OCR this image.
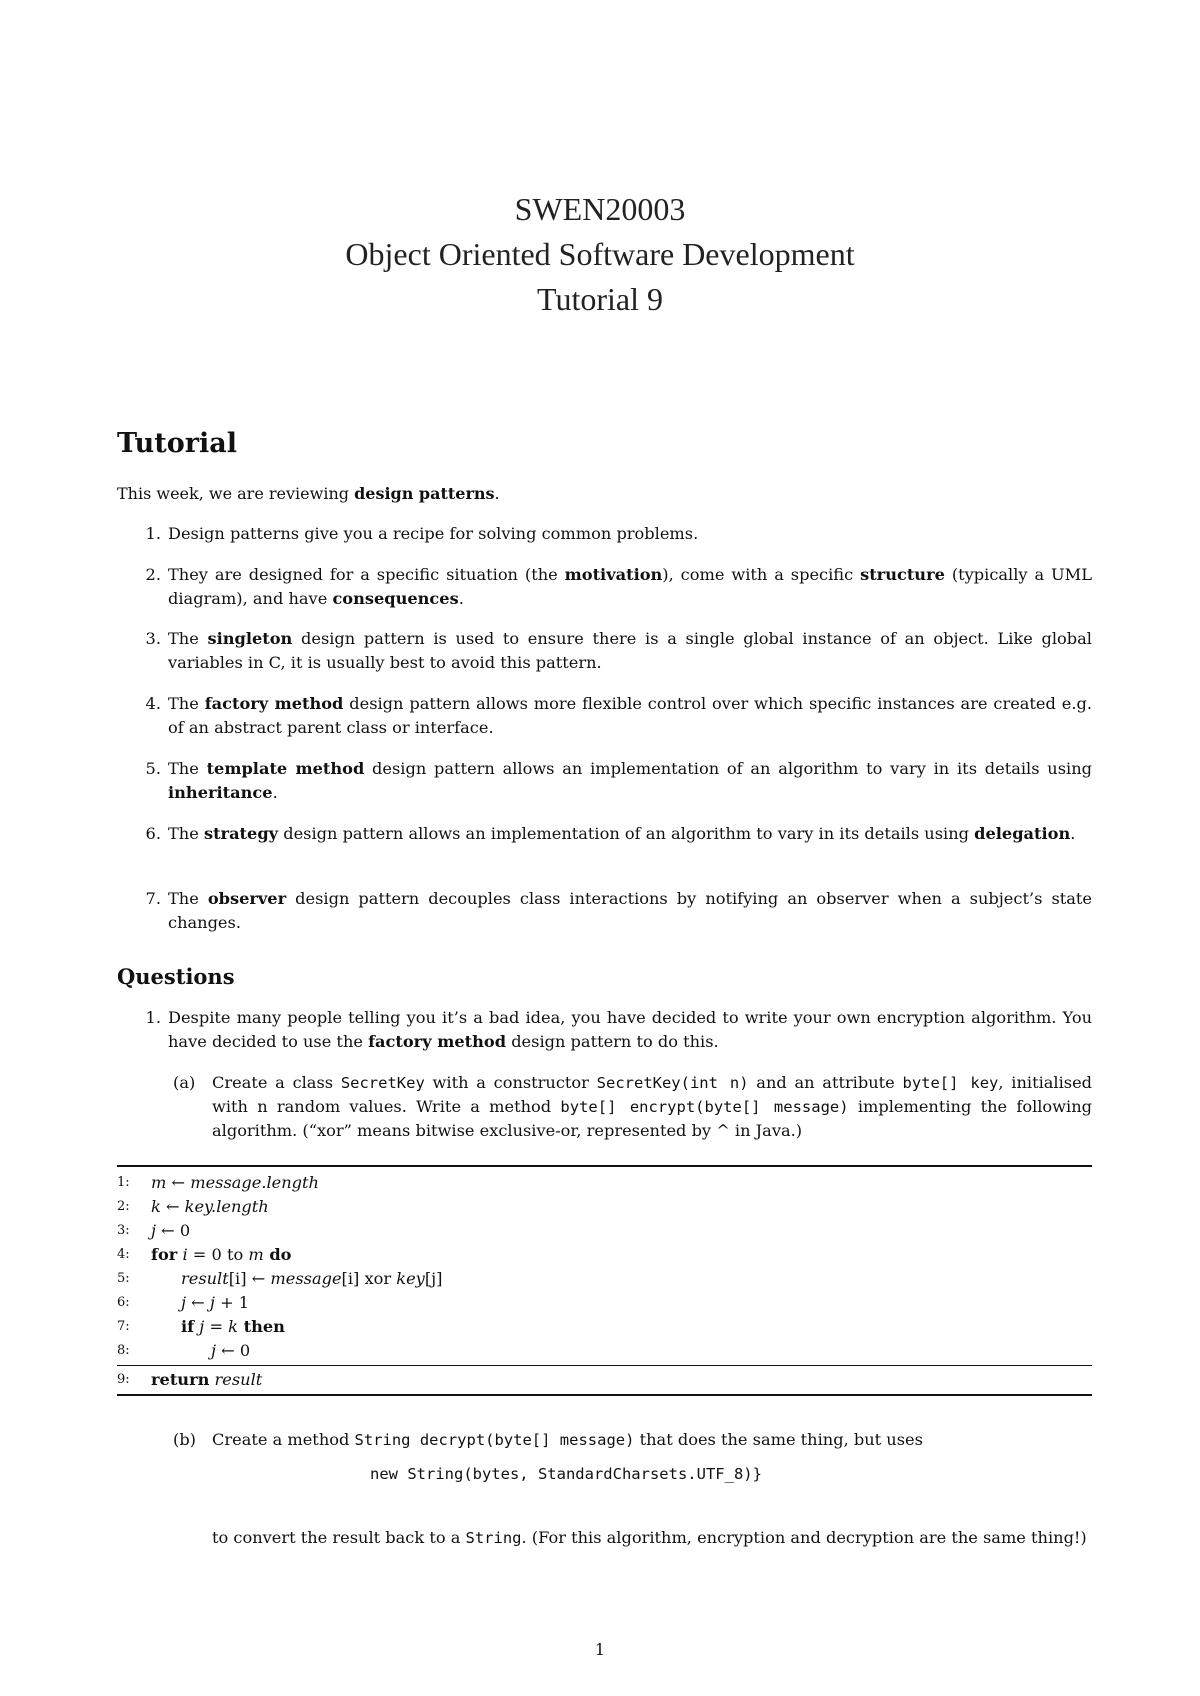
SWEN20003
Object Oriented Software Development
Tutorial 9
Tutorial
This week, we are reviewing design patterns.
1. Design patterns give you a recipe for solving common problems.
2. They are designed for a specific situation (the motivation), come with a specific structure (typically a UML diagram), and have consequences.
3. The singleton design pattern is used to ensure there is a single global instance of an object. Like global variables in C, it is usually best to avoid this pattern.
4. The factory method design pattern allows more flexible control over which specific instances are created e.g. of an abstract parent class or interface.
5. The template method design pattern allows an implementation of an algorithm to vary in its details using inheritance.
6. The strategy design pattern allows an implementation of an algorithm to vary in its details using delegation.
7. The observer design pattern decouples class interactions by notifying an observer when a subject’s state changes.
Questions
1. Despite many people telling you it’s a bad idea, you have decided to write your own encryption algorithm. You have decided to use the factory method design pattern to do this.
(a)	Create a class SecretKey with a constructor SecretKey(int n) and an attribute byte[] key, initialised with n random values. Write a method byte[] encrypt(byte[] message) implementing the following algorithm. (“xor” means bitwise exclusive-or, represented by ^ in Java.)
1:	m ← message.length
2:	k ← key.length
3:	j ← 0
4:	for i = 0 to m do
5:	result[i] ← message[i] xor key[j]
6:	j ← j + 1
7:	if j = k then
8:	j ← 0
9:	return result
(b) Create a method String decrypt(byte[] message) that does the same thing, but uses
new String(bytes, StandardCharsets.UTF_8)}
to convert the result back to a String. (For this algorithm, encryption and decryption are the same thing!)
1
